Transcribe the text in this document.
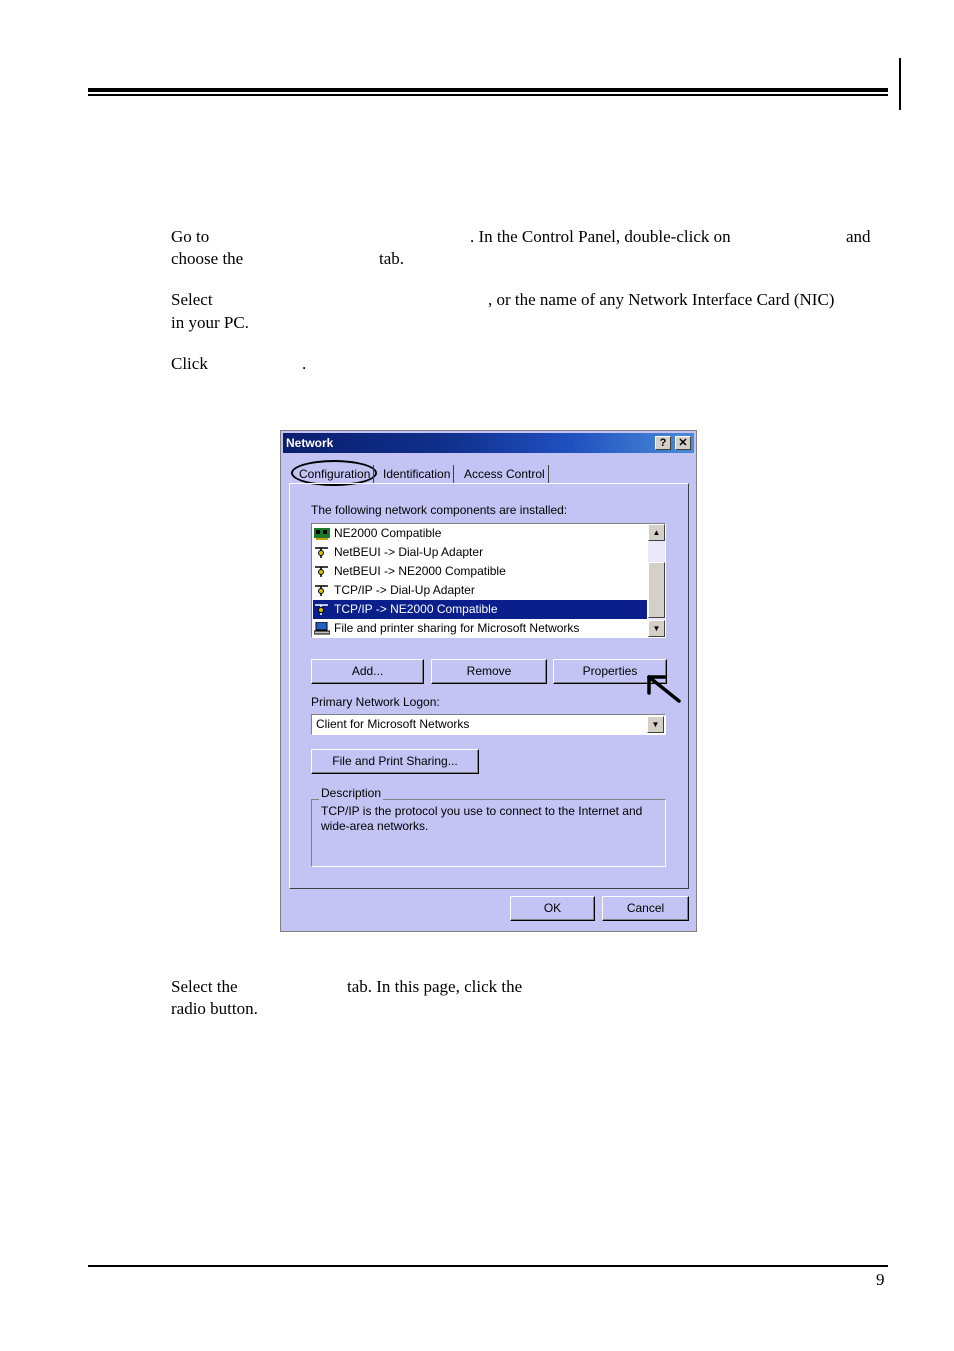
Go to	. In the Control Panel, double-click on	and
choose the	tab.
Select	, or the name of any Network Interface Card (NIC)
in your PC.
Click	.
Network	?	✕
Configuration	Identification	Access Control
The following network components are installed:
NE2000 Compatible
NetBEUI -> Dial-Up Adapter
NetBEUI -> NE2000 Compatible
TCP/IP -> Dial-Up Adapter
TCP/IP -> NE2000 Compatible
File and printer sharing for Microsoft Networks
▲
▼
Add...	Remove	Properties
Primary Network Logon:
Client for Microsoft Networks	▼
File and Print Sharing...
Description
TCP/IP is the protocol you use to connect to the Internet and wide-area networks.
OK	Cancel
Select the	tab. In this page, click the
radio button.
9
